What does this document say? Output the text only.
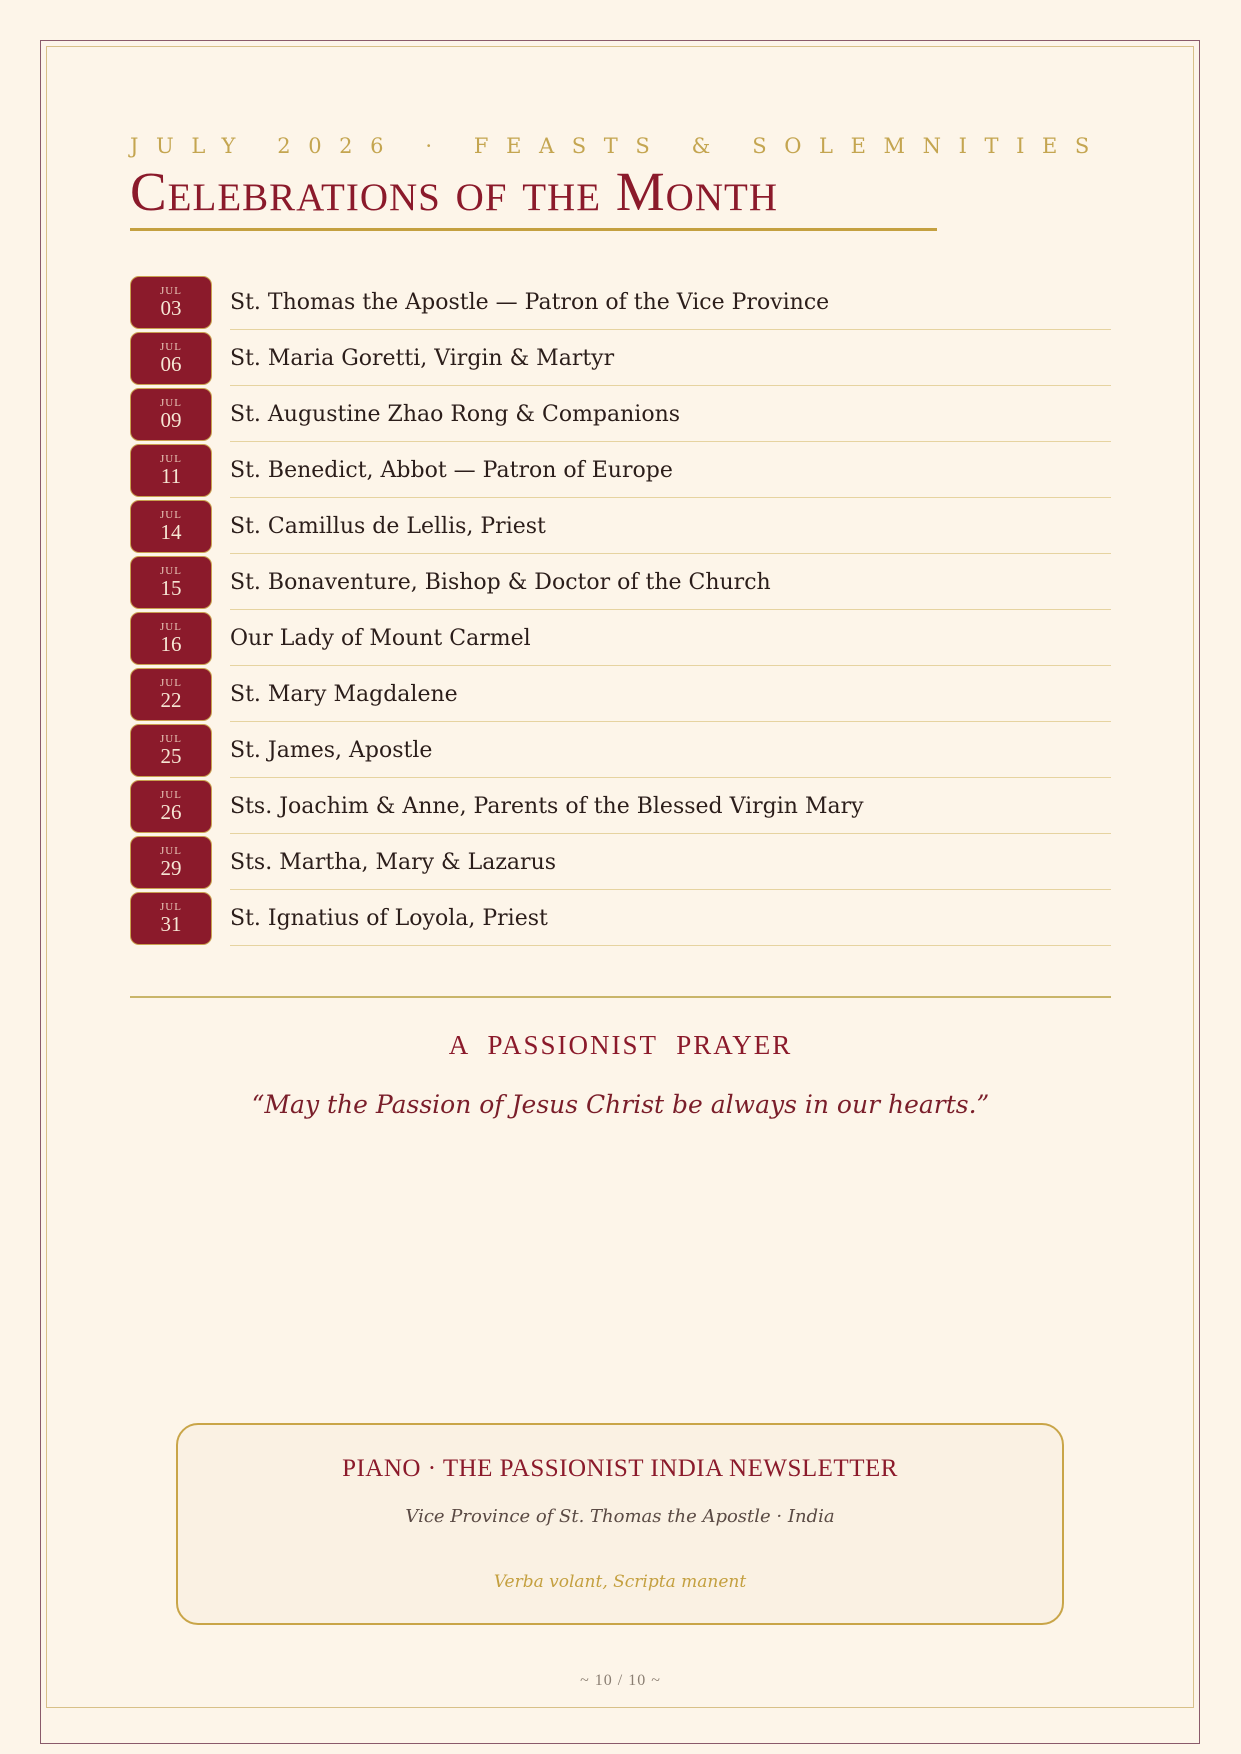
JULY 2026 · FEASTS & SOLEMNITIES
Celebrations of the Month
JUL
03	St. Thomas the Apostle — Patron of the Vice Province
JUL
06	St. Maria Goretti, Virgin & Martyr
JUL
09	St. Augustine Zhao Rong & Companions
JUL
11	St. Benedict, Abbot — Patron of Europe
JUL
14	St. Camillus de Lellis, Priest
JUL
15	St. Bonaventure, Bishop & Doctor of the Church
JUL
16	Our Lady of Mount Carmel
JUL
22	St. Mary Magdalene
JUL
25	St. James, Apostle
JUL
26	Sts. Joachim & Anne, Parents of the Blessed Virgin Mary
JUL
29	Sts. Martha, Mary & Lazarus
JUL
31	St. Ignatius of Loyola, Priest
A PASSIONIST PRAYER
“May the Passion of Jesus Christ be always in our hearts.”
PIANO · THE PASSIONIST INDIA NEWSLETTER
Vice Province of St. Thomas the Apostle · India
Verba volant, Scripta manent
~ 10 / 10 ~
